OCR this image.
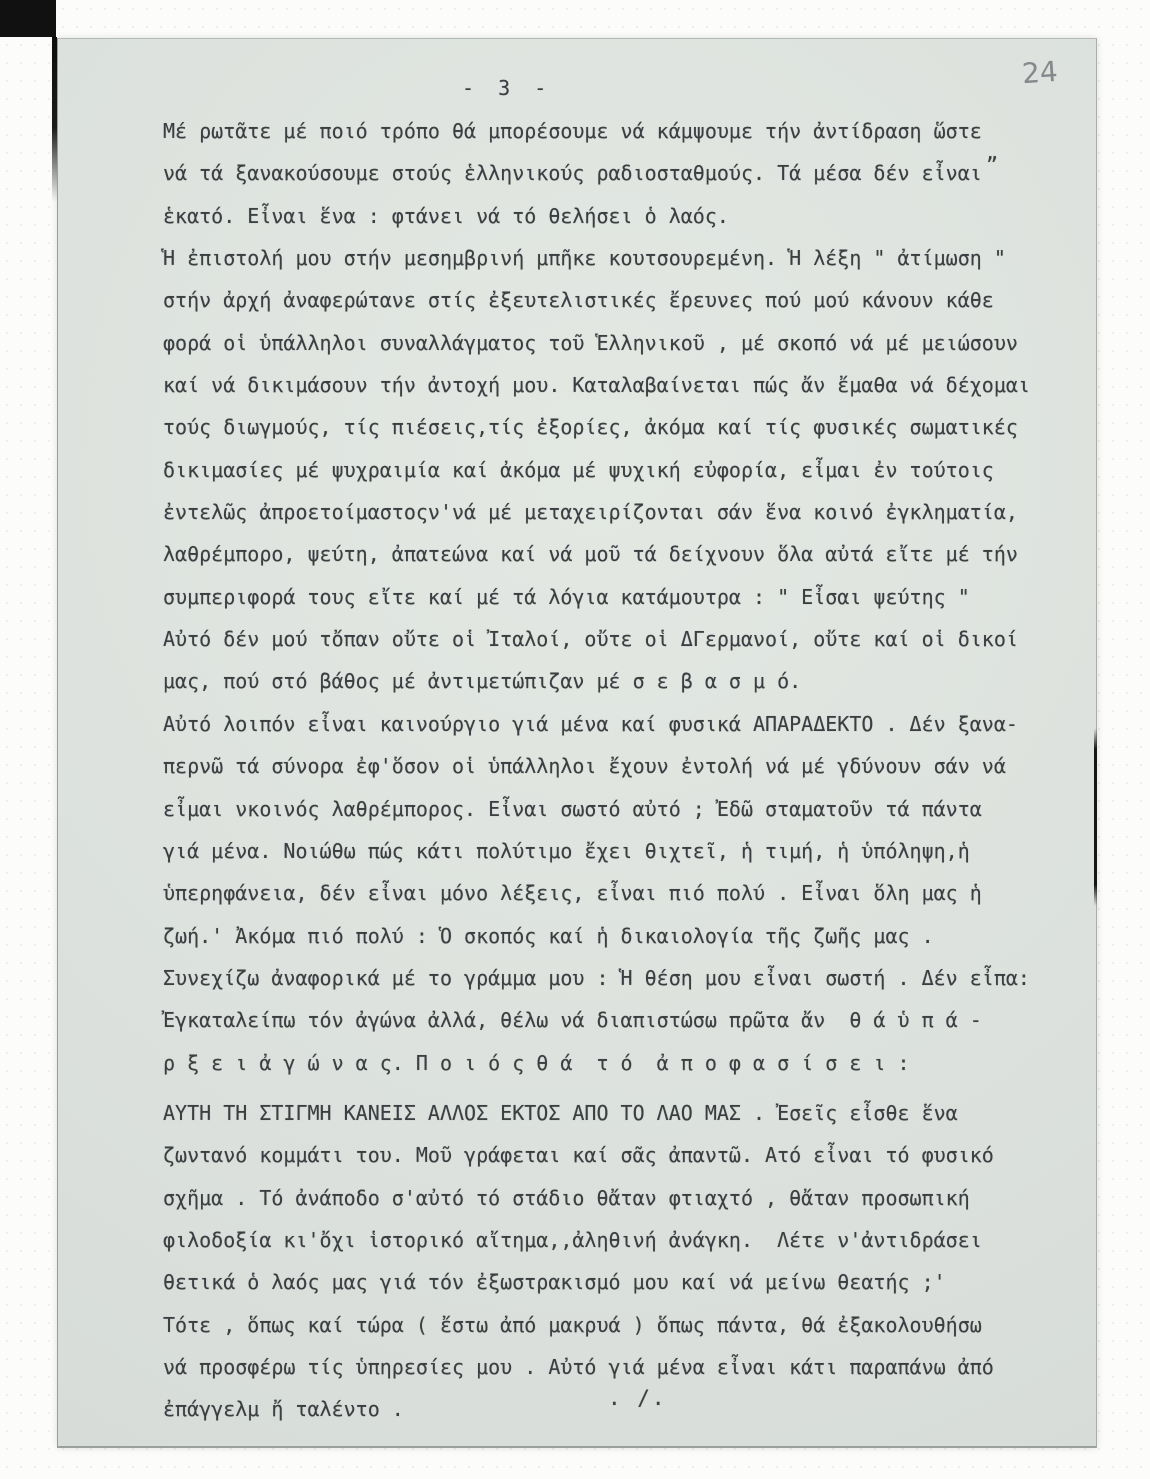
24
-  3  -
„
Μέ ρωτᾶτε μέ ποιό τρόπο θά μπορέσουμε νά κάμψουμε τήν ἀντίδραση ὥστε
νά τά ξανακούσουμε στούς ἑλληνικούς ραδιοσταθμούς. Τά μέσα δέν εἶναι
ἑκατό. Εἶναι ἕνα : φτάνει νά τό θελήσει ὁ λαός.
Ἡ ἐπιστολή μου στήν μεσημβρινή μπῆκε κουτσουρεμένη. Ἡ λέξη " ἀτίμωση "
στήν ἀρχή ἀναφερώτανε στίς ἐξευτελιστικές ἔρευνες πού μού κάνουν κάθε
φορά οἱ ὑπάλληλοι συναλλάγματος τοῦ Ἑλληνικοῦ , μέ σκοπό νά μέ μειώσουν
καί νά δικιμάσουν τήν ἀντοχή μου. Καταλαβαίνεται πώς ἄν ἔμαθα νά δέχομαι
τούς διωγμούς, τίς πιέσεις,τίς ἐξορίες, ἀκόμα καί τίς φυσικές σωματικές
δικιμασίες μέ ψυχραιμία καί ἀκόμα μέ ψυχική εὐφορία, εἶμαι ἐν τούτοις
ἐντελῶς ἀπροετοίμαστοςν'νά μέ μεταχειρίζονται σάν ἕνα κοινό ἐγκληματία,
λαθρέμπορο, ψεύτη, ἀπατεώνα καί νά μοῦ τά δείχνουν ὅλα αὐτά εἴτε μέ τήν
συμπεριφορά τους εἴτε καί μέ τά λόγια κατάμουτρα : " Εἶσαι ψεύτης "
Αὐτό δέν μού τὄπαν οὔτε οἱ Ἰταλοί, οὔτε οἱ ΔΓερμανοί, οὔτε καί οἱ δικοί
μας, πού στό βάθος μέ ἀντιμετώπιζαν μέ σ ε β α σ μ ό.
Αὐτό λοιπόν εἶναι καινούργιο γιά μένα καί φυσικά ΑΠΑΡΑΔΕΚΤΟ . Δέν ξανα-
περνῶ τά σύνορα ἐφ'ὅσον οἱ ὑπάλληλοι ἔχουν ἐντολή νά μέ γδύνουν σάν νά
εἶμαι νκοινός λαθρέμπορος. Εἶναι σωστό αὐτό ; Ἐδῶ σταματοῦν τά πάντα
γιά μένα. Νοιώθω πώς κάτι πολύτιμο ἔχει θιχτεῖ, ἡ τιμή, ἡ ὑπόληψη,ἡ
ὑπερηφάνεια, δέν εἶναι μόνο λέξεις, εἶναι πιό πολύ . Εἶναι ὅλη μας ἡ
ζωή.' Ἀκόμα πιό πολύ : Ὁ σκοπός καί ἡ δικαιολογία τῆς ζωῆς μας .
Συνεχίζω ἀναφορικά μέ το γράμμα μου : Ἡ θέση μου εἶναι σωστή . Δέν εἶπα:
Ἐγκαταλείπω τόν ἀγώνα ἀλλά, θέλω νά διαπιστώσω πρῶτα ἄν  θ ά ὑ π ά -
ρ ξ ε ι ἀ γ ώ ν α ς. Π ο ι ό ς θ ά  τ ό  ἀ π ο φ α σ ί σ ε ι :
ΑΥΤΗ ΤΗ ΣΤΙΓΜΗ ΚΑΝΕΙΣ ΑΛΛΟΣ ΕΚΤΟΣ ΑΠΟ ΤΟ ΛΑΟ ΜΑΣ . Ἐσεῖς εἶσθε ἕνα
ζωντανό κομμάτι του. Μοῦ γράφεται καί σᾶς ἀπαντῶ. Ατό εἶναι τό φυσικό
σχῆμα . Τό ἀνάποδο σ'αὐτό τό στάδιο θἄταν φτιαχτό , θἄταν προσωπική
φιλοδοξία κι'ὄχι ἱστορικό αἴτημα,,ἀληθινή ἀνάγκη.  Λέτε ν'ἀντιδράσει
θετικά ὁ λαός μας γιά τόν ἐξωστρακισμό μου καί νά μείνω θεατής ;'
Τότε , ὅπως καί τώρα ( ἔστω ἀπό μακρυά ) ὅπως πάντα, θά ἐξακολουθήσω
νά προσφέρω τίς ὑπηρεσίες μου . Αὐτό γιά μένα εἶναι κάτι παραπάνω ἀπό
ἐπάγγελμ ἤ ταλέντο .	. /.
